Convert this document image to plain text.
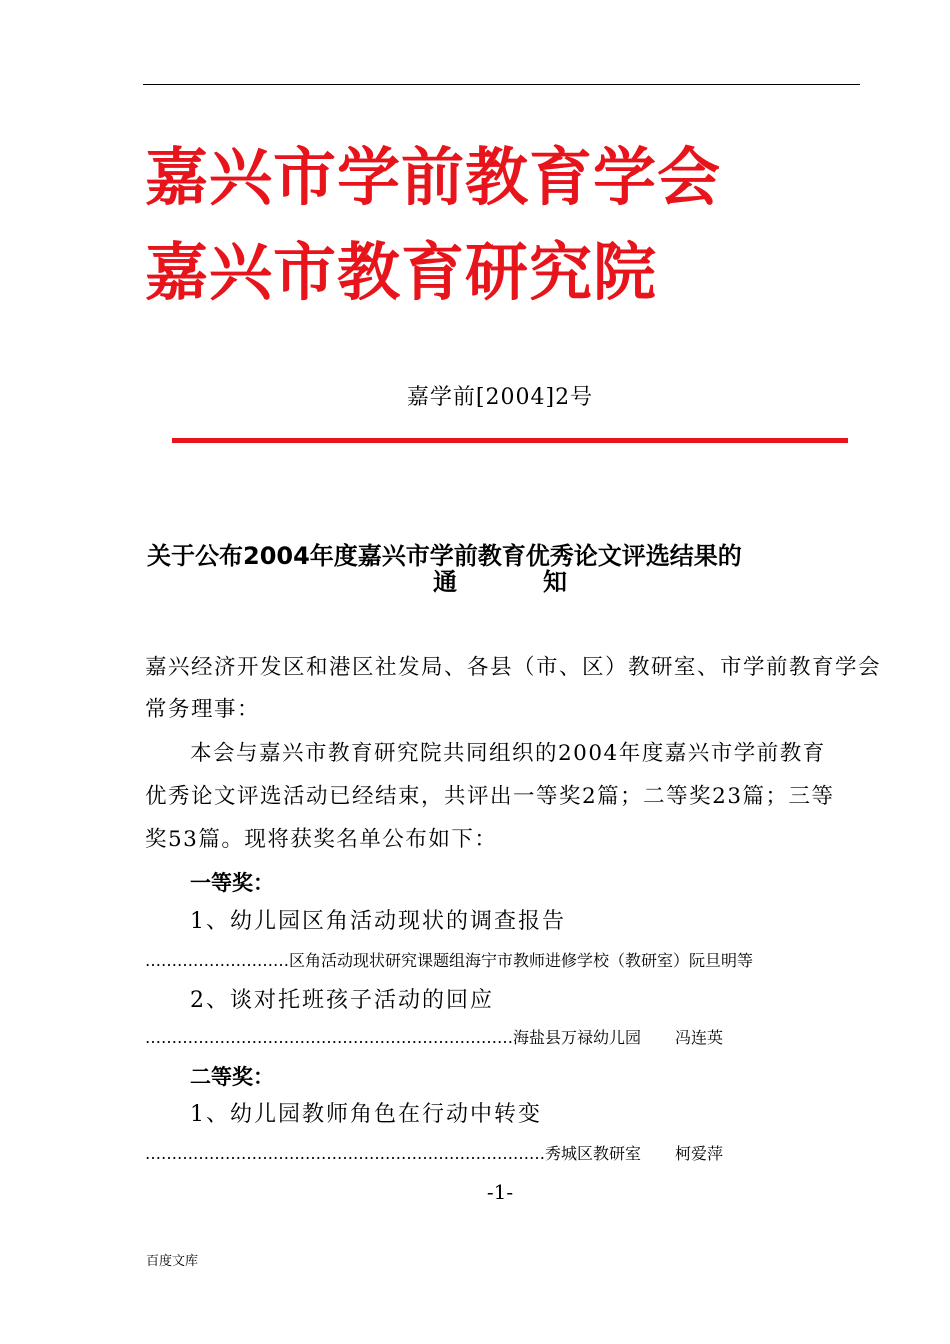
嘉兴市学前教育学会
嘉兴市教育研究院
嘉学前[2004]2号
关于公布2004年度嘉兴市学前教育优秀论文评选结果的
通	知
嘉兴经济开发区和港区社发局、各县（市、区）教研室、市学前教育学会
常务理事：
本会与嘉兴市教育研究院共同组织的2004年度嘉兴市学前教育
优秀论文评选活动已经结束，共评出一等奖2篇；二等奖23篇；三等
奖53篇。现将获奖名单公布如下：
一等奖：
1、幼儿园区角活动现状的调查报告
………………………区角活动现状研究课题组海宁市教师进修学校（教研室）阮旦明等
2、谈对托班孩子活动的回应
……………………………………………………………海盐县万禄幼儿园 冯连英
二等奖：
1、幼儿园教师角色在行动中转变
…………………………………………………………………秀城区教研室 柯爱萍
-1-
百度文库
